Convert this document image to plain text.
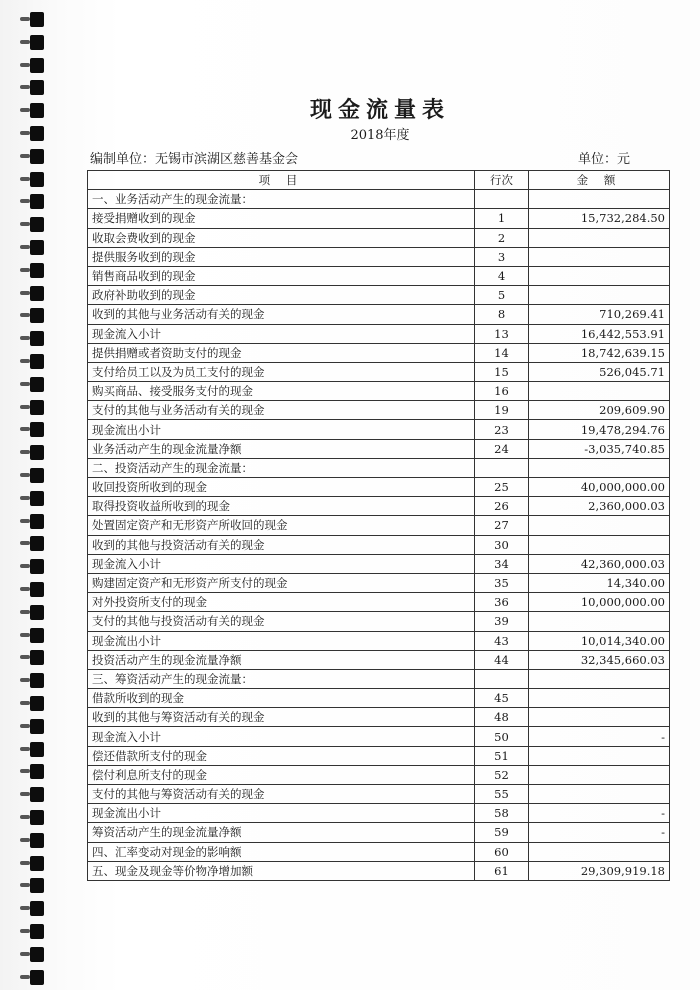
现金流量表
2018年度
编制单位：无锡市滨湖区慈善基金会	单位：元
项 目	行次	金 额
一、业务活动产生的现金流量：		
接受捐赠收到的现金	1	15,732,284.50
收取会费收到的现金	2	
提供服务收到的现金	3	
销售商品收到的现金	4	
政府补助收到的现金	5	
收到的其他与业务活动有关的现金	8	710,269.41
现金流入小计	13	16,442,553.91
提供捐赠或者资助支付的现金	14	18,742,639.15
支付给员工以及为员工支付的现金	15	526,045.71
购买商品、接受服务支付的现金	16	
支付的其他与业务活动有关的现金	19	209,609.90
现金流出小计	23	19,478,294.76
业务活动产生的现金流量净额	24	-3,035,740.85
二、投资活动产生的现金流量：		
收回投资所收到的现金	25	40,000,000.00
取得投资收益所收到的现金	26	2,360,000.03
处置固定资产和无形资产所收回的现金	27	
收到的其他与投资活动有关的现金	30	
现金流入小计	34	42,360,000.03
购建固定资产和无形资产所支付的现金	35	14,340.00
对外投资所支付的现金	36	10,000,000.00
支付的其他与投资活动有关的现金	39	
现金流出小计	43	10,014,340.00
投资活动产生的现金流量净额	44	32,345,660.03
三、筹资活动产生的现金流量：		
借款所收到的现金	45	
收到的其他与筹资活动有关的现金	48	
现金流入小计	50	-
偿还借款所支付的现金	51	
偿付利息所支付的现金	52	
支付的其他与筹资活动有关的现金	55	
现金流出小计	58	-
筹资活动产生的现金流量净额	59	-
四、汇率变动对现金的影响额	60	
五、现金及现金等价物净增加额	61	29,309,919.18
